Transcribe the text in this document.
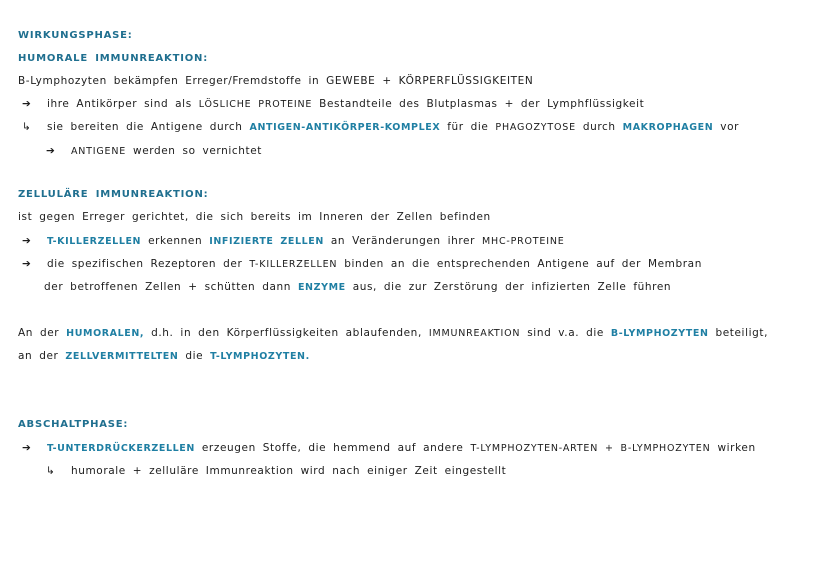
WIRKUNGSPHASE:
HUMORALE IMMUNREAKTION:
B-Lymphozyten bekämpfen Erreger/Fremdstoffe in GEWEBE + KÖRPERFLÜSSIGKEITEN
➔ ihre Antikörper sind als LÖSLICHE PROTEINE Bestandteile des Blutplasmas + der Lymphflüssigkeit
↳ sie bereiten die Antigene durch ANTIGEN-ANTIKÖRPER-KOMPLEX für die PHAGOZYTOSE durch MAKROPHAGEN vor
➔ ANTIGENE werden so vernichtet
ZELLULÄRE IMMUNREAKTION:
ist gegen Erreger gerichtet, die sich bereits im Inneren der Zellen befinden
➔ T-KILLERZELLEN erkennen INFIZIERTE ZELLEN an Veränderungen ihrer MHC-PROTEINE
➔ die spezifischen Rezeptoren der T-KILLERZELLEN binden an die entsprechenden Antigene auf der Membran
der betroffenen Zellen + schütten dann ENZYME aus, die zur Zerstörung der infizierten Zelle führen
An der HUMORALEN, d.h. in den Körperflüssigkeiten ablaufenden, IMMUNREAKTION sind v.a. die B-LYMPHOZYTEN beteiligt,
an der ZELLVERMITTELTEN die T-LYMPHOZYTEN.
ABSCHALTPHASE:
➔ T-UNTERDRÜCKERZELLEN erzeugen Stoffe, die hemmend auf andere T-LYMPHOZYTEN-ARTEN + B-LYMPHOZYTEN wirken
↳ humorale + zelluläre Immunreaktion wird nach einiger Zeit eingestellt
